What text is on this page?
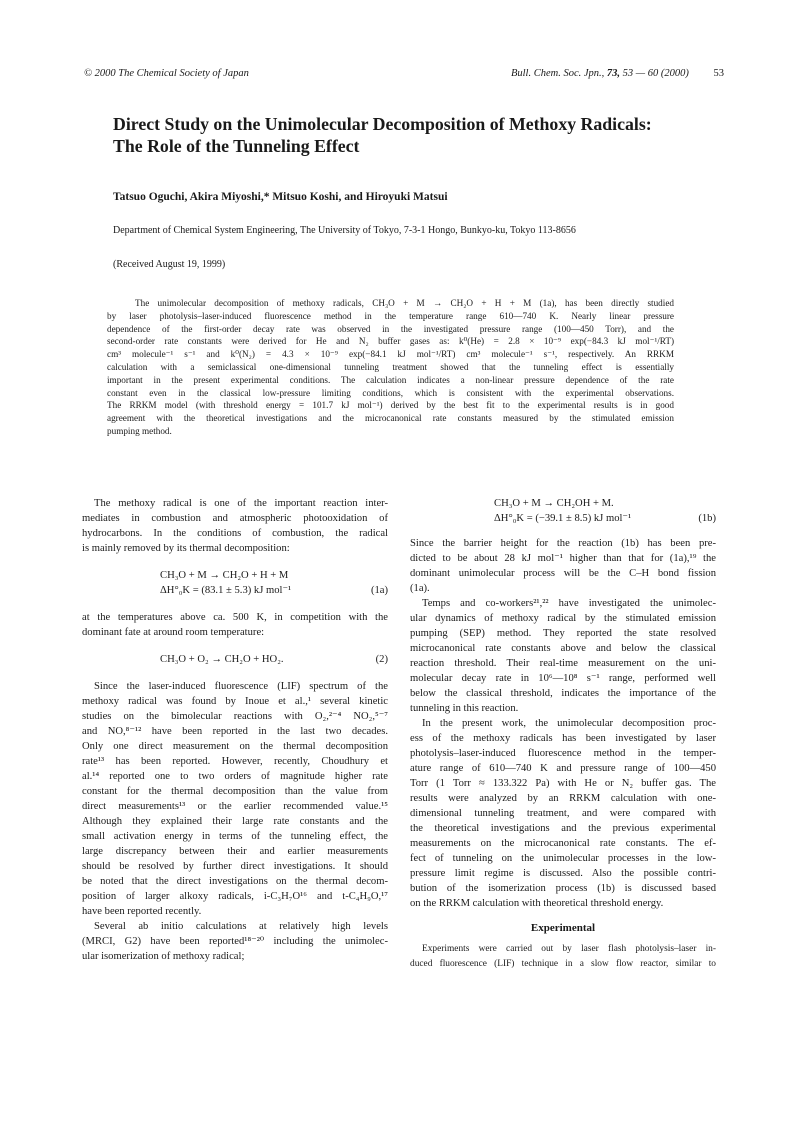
© 2000 The Chemical Society of Japan	Bull. Chem. Soc. Jpn., 73, 53 — 60 (2000) 53
Direct Study on the Unimolecular Decomposition of Methoxy Radicals:
The Role of the Tunneling Effect
Tatsuo Oguchi, Akira Miyoshi,* Mitsuo Koshi, and Hiroyuki Matsui
Department of Chemical System Engineering, The University of Tokyo, 7-3-1 Hongo, Bunkyo-ku, Tokyo 113-8656
(Received August 19, 1999)
The unimolecular decomposition of methoxy radicals, CH₃O + M → CH₂O + H + M (1a), has been directly studied
by laser photolysis–laser-induced fluorescence method in the temperature range 610—740 K. Nearly linear pressure
dependence of the first-order decay rate was observed in the investigated pressure range (100—450 Torr), and the
second-order rate constants were derived for He and N₂ buffer gases as: k⁰(He) = 2.8 × 10⁻⁹ exp(−84.3 kJ mol⁻¹/RT)
cm³ molecule⁻¹ s⁻¹ and k⁰(N₂) = 4.3 × 10⁻⁹ exp(−84.1 kJ mol⁻¹/RT) cm³ molecule⁻¹ s⁻¹, respectively. An RRKM
calculation with a semiclassical one-dimensional tunneling treatment showed that the tunneling effect is essentially
important in the present experimental conditions. The calculation indicates a non-linear pressure dependence of the rate
constant even in the classical low-pressure limiting conditions, which is consistent with the experimental observations.
The RRKM model (with threshold energy = 101.7 kJ mol⁻¹) derived by the best fit to the experimental results is in good
agreement with the theoretical investigations and the microcanonical rate constants measured by the stimulated emission
pumping method.
The methoxy radical is one of the important reaction inter-
mediates in combustion and atmospheric photooxidation of
hydrocarbons. In the conditions of combustion, the radical
is mainly removed by its thermal decomposition:
CH₃O + M → CH₂O + H + M
ΔH°₀K = (83.1 ± 5.3) kJ mol⁻¹	(1a)
at the temperatures above ca. 500 K, in competition with the
dominant fate at around room temperature:
CH₃O + O₂ → CH₂O + HO₂.	(2)
Since the laser-induced fluorescence (LIF) spectrum of the
methoxy radical was found by Inoue et al.,¹ several kinetic
studies on the bimolecular reactions with O₂,²⁻⁴ NO₂,⁵⁻⁷
and NO,⁸⁻¹² have been reported in the last two decades.
Only one direct measurement on the thermal decomposition
rate¹³ has been reported. However, recently, Choudhury et
al.¹⁴ reported one to two orders of magnitude higher rate
constant for the thermal decomposition than the value from
direct measurements¹³ or the earlier recommended value.¹⁵
Although they explained their large rate constants and the
small activation energy in terms of the tunneling effect, the
large discrepancy between their and earlier measurements
should be resolved by further direct investigations. It should
be noted that the direct investigations on the thermal decom-
position of larger alkoxy radicals, i-C₃H₇O¹⁶ and t-C₄H₉O,¹⁷
have been reported recently.
Several ab initio calculations at relatively high levels
(MRCI, G2) have been reported¹⁸⁻²⁰ including the unimolec-
ular isomerization of methoxy radical;
CH₃O + M → CH₂OH + M.
ΔH°₀K = (−39.1 ± 8.5) kJ mol⁻¹	(1b)
Since the barrier height for the reaction (1b) has been pre-
dicted to be about 28 kJ mol⁻¹ higher than that for (1a),¹⁹ the
dominant unimolecular process will be the C–H bond fission
(1a).
Temps and co-workers²¹,²² have investigated the unimolec-
ular dynamics of methoxy radical by the stimulated emission
pumping (SEP) method. They reported the state resolved
microcanonical rate constants above and below the classical
reaction threshold. Their real-time measurement on the uni-
molecular decay rate in 10⁶—10⁸ s⁻¹ range, performed well
below the classical threshold, indicates the importance of the
tunneling in this reaction.
In the present work, the unimolecular decomposition proc-
ess of the methoxy radicals has been investigated by laser
photolysis–laser-induced fluorescence method in the temper-
ature range of 610—740 K and pressure range of 100—450
Torr (1 Torr ≈ 133.322 Pa) with He or N₂ buffer gas. The
results were analyzed by an RRKM calculation with one-
dimensional tunneling treatment, and were compared with
the theoretical investigations and the previous experimental
measurements on the microcanonical rate constants. The ef-
fect of tunneling on the unimolecular processes in the low-
pressure limit regime is discussed. Also the possible contri-
bution of the isomerization process (1b) is discussed based
on the RRKM calculation with theoretical threshold energy.
Experimental
Experiments were carried out by laser flash photolysis–laser in-
duced fluorescence (LIF) technique in a slow flow reactor, similar to
